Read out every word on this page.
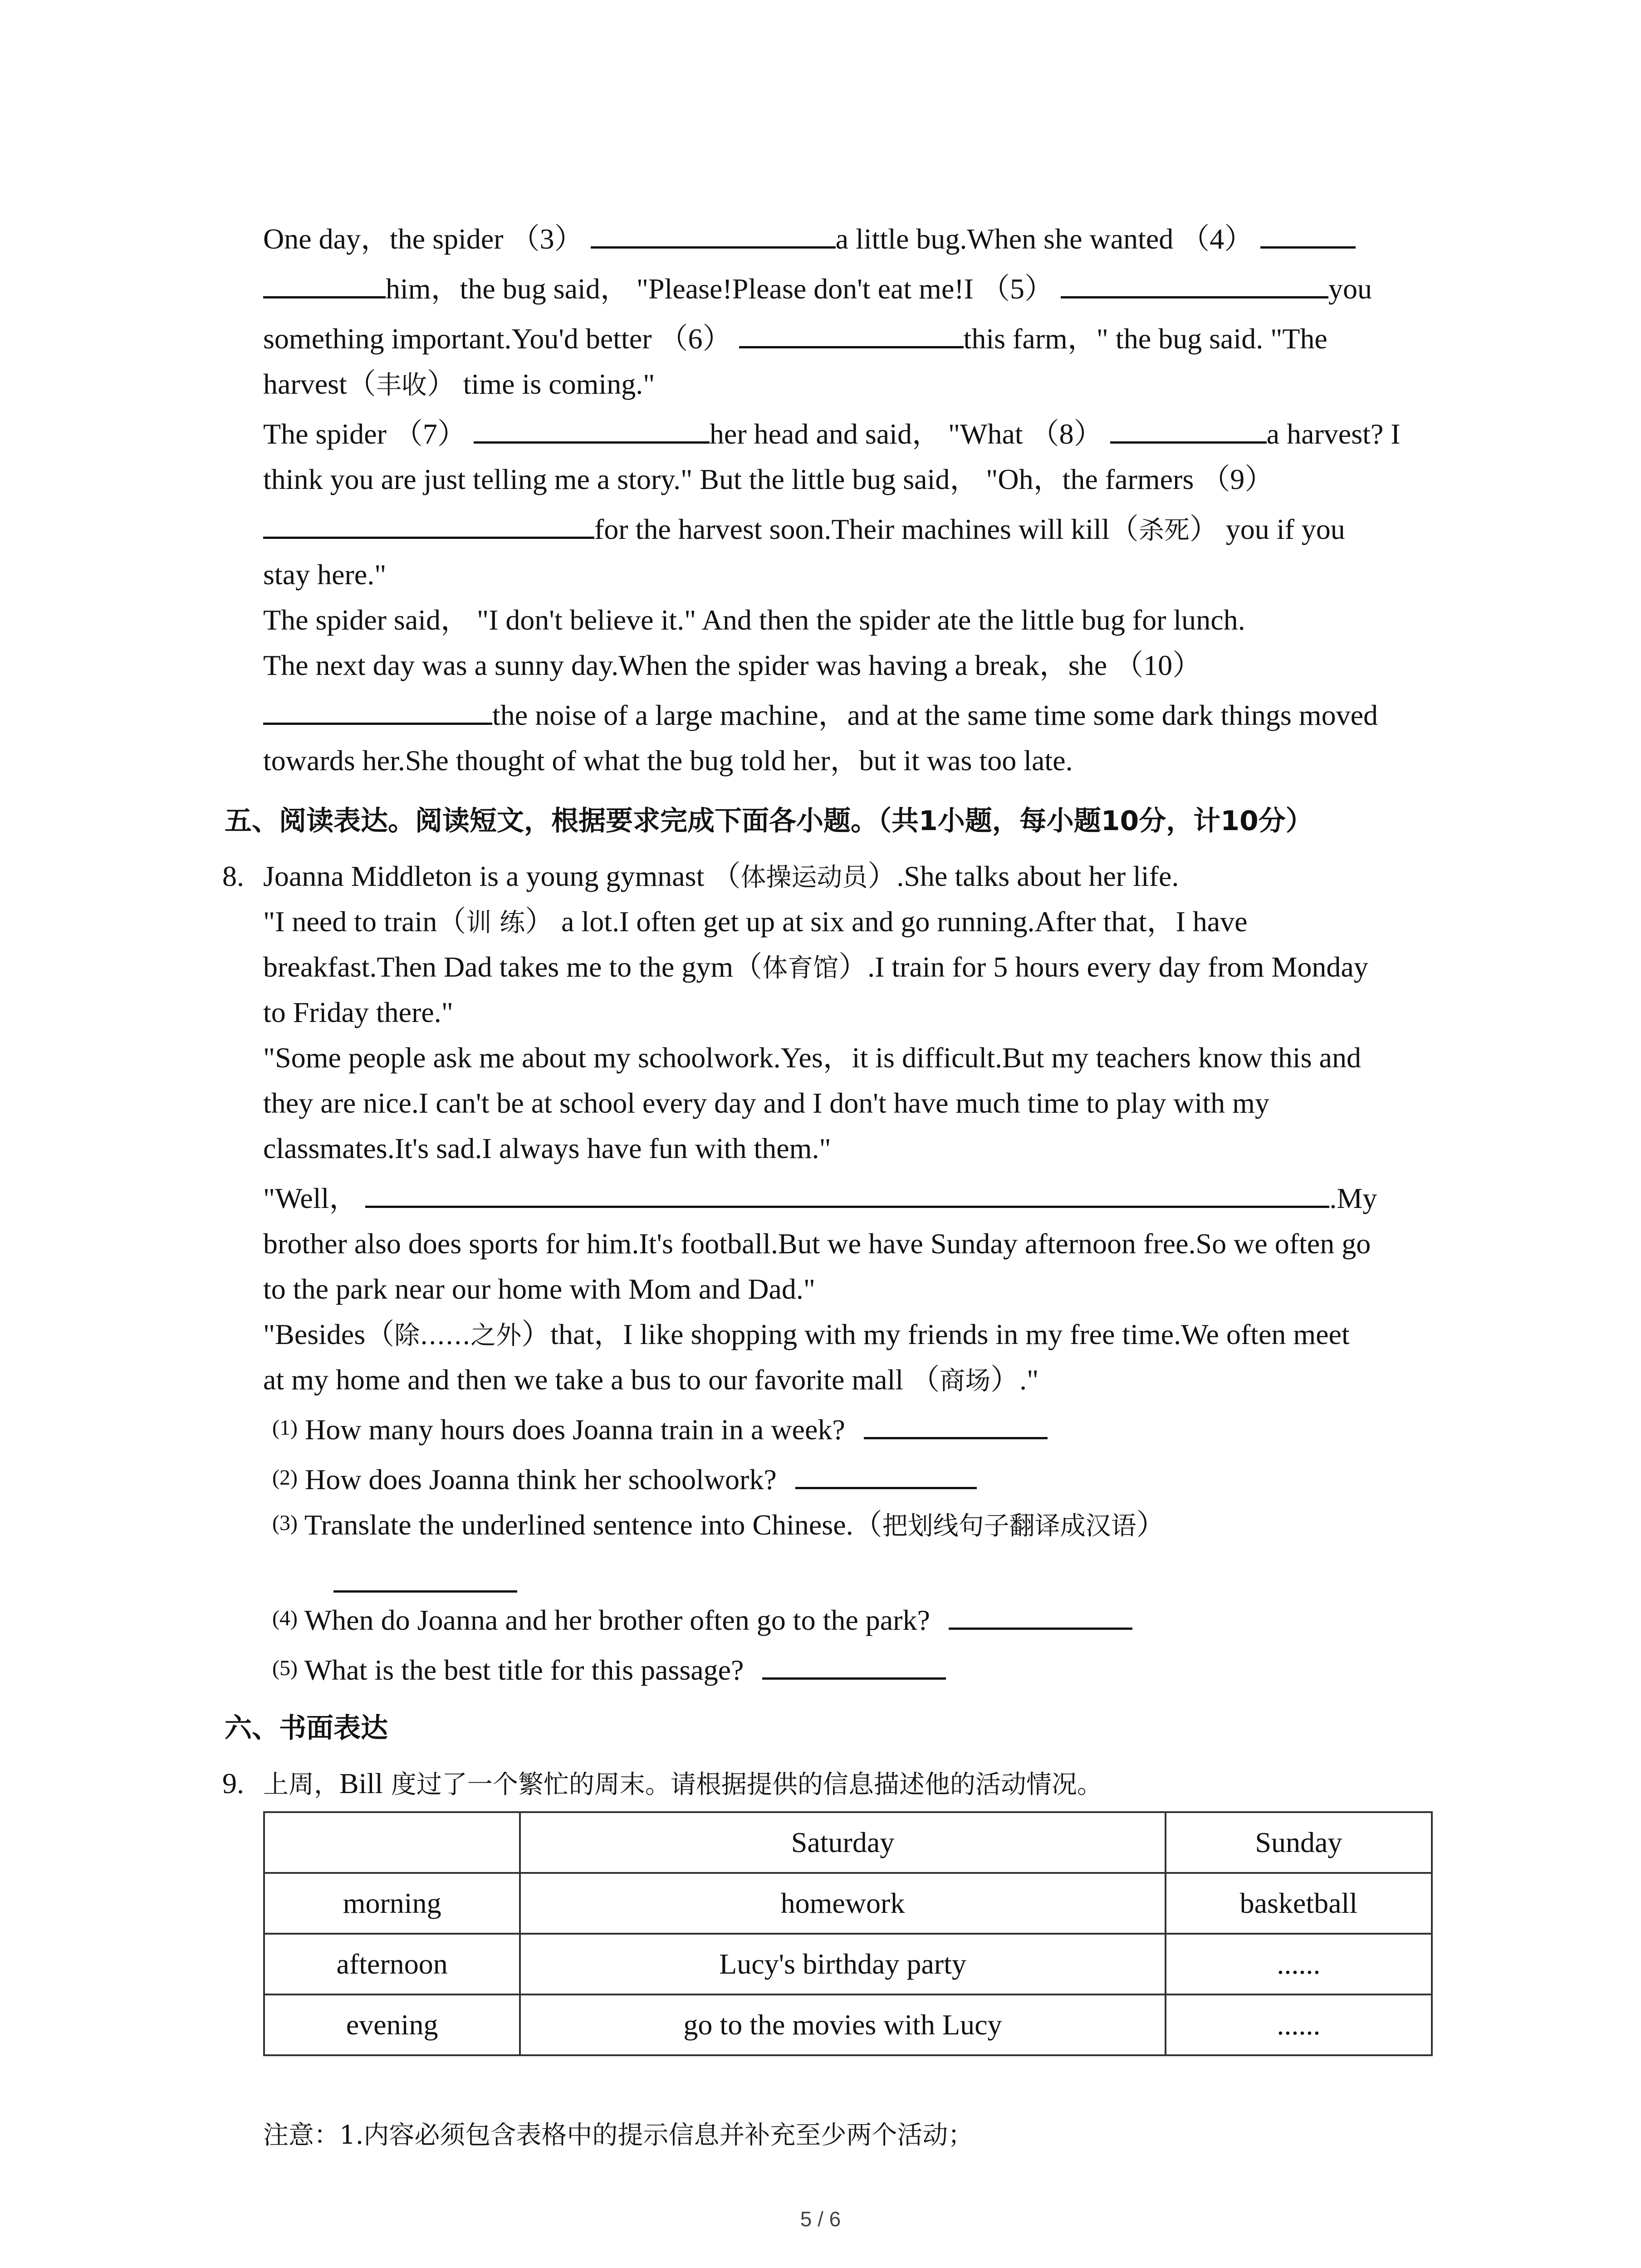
One day，the spider （3）	a little bug.When she wanted （4）
him，the bug said， "Please!Please don't eat me!I （5）	you
something important.You'd better （6）	this farm，" the bug said. "The
harvest（丰收） time is coming."
The spider （7）	her head and said， "What （8）	a harvest? I
think you are just telling me a story." But the little bug said， "Oh，the farmers （9）
for the harvest soon.Their machines will kill（杀死） you if you
stay here."
The spider said， "I don't believe it." And then the spider ate the little bug for lunch.
The next day was a sunny day.When the spider was having a break，she （10）
the noise of a large machine，and at the same time some dark things moved
towards her.She thought of what the bug told her，but it was too late.
五、阅读表达。阅读短文，根据要求完成下面各小题。（共1小题，每小题10分，计10分）
8. Joanna Middleton is a young gymnast （体操运动员）.She talks about her life.
"I need to train（训 练） a lot.I often get up at six and go running.After that，I have
breakfast.Then Dad takes me to the gym（体育馆）.I train for 5 hours every day from Monday
to Friday there."
"Some people ask me about my schoolwork.Yes，it is difficult.But my teachers know this and
they are nice.I can't be at school every day and I don't have much time to play with my
classmates.It's sad.I always have fun with them."
"Well，	.My
brother also does sports for him.It's football.But we have Sunday afternoon free.So we often go
to the park near our home with Mom and Dad."
"Besides（除……之外）that，I like shopping with my friends in my free time.We often meet
at my home and then we take a bus to our favorite mall （商场）."
$^{(1)}$ How many hours does Joanna train in a week?
$^{(2)}$ How does Joanna think her schoolwork?
$^{(3)}$ Translate the underlined sentence into Chinese.（把划线句子翻译成汉语）
$^{(4)}$ When do Joanna and her brother often go to the park?
$^{(5)}$ What is the best title for this passage?
六、书面表达
9. 上周，Bill 度过了一个繁忙的周末。请根据提供的信息描述他的活动情况。
	Saturday	Sunday
morning	homework	basketball
afternoon	Lucy's birthday party	......
evening	go to the movies with Lucy	......
注意：1.内容必须包含表格中的提示信息并补充至少两个活动；
5 / 6
